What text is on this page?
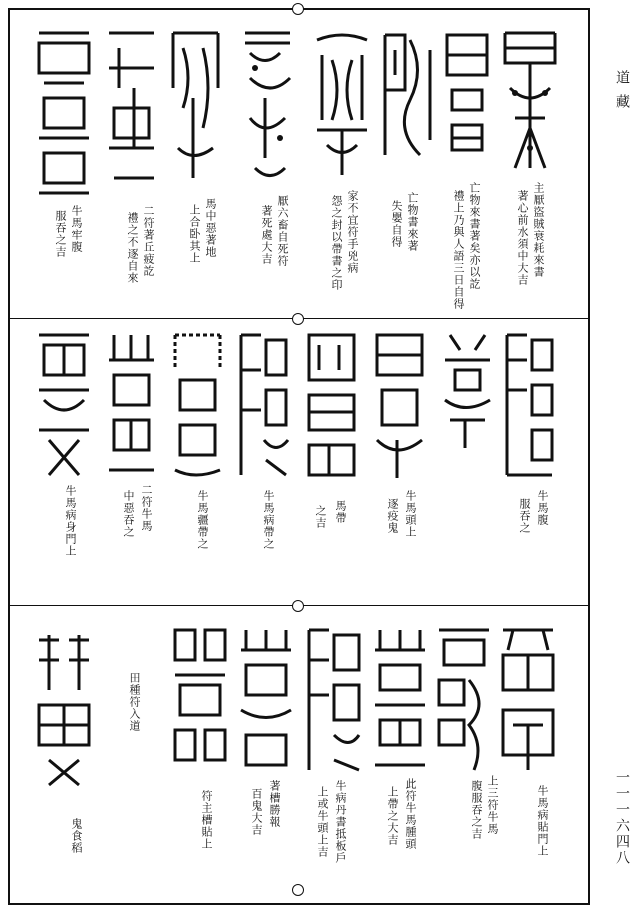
道藏
一一一六四八
主厭盜賊衰耗來書
著心前水須中大吉
亡物來書著矣亦以訖
禮上乃與人語三日自得
亡物書來著
失嬰自得
家不宜符手兇病
怨之封以帶書之印
厭六畜自死符
著死處大吉
馬中惡著地
上合卧其上
二符著丘疲訖
禮之不逐自來
牛馬牢腹
服吞之吉
牛馬腹
服吞之
牛馬頭上
逐疫鬼
馬帶
之吉
牛馬病帶之
牛馬疆帶之
二符牛馬
中惡吞之
牛馬病身門上
牛馬病貼門上
上三符牛馬
腹服吞之吉
此符牛馬腫頭
上帶之大吉
牛病丹書抵板戶
上或牛頭上吉
著槽勝報
百鬼大吉
符主槽貼上
田種符入道
鬼食稻
